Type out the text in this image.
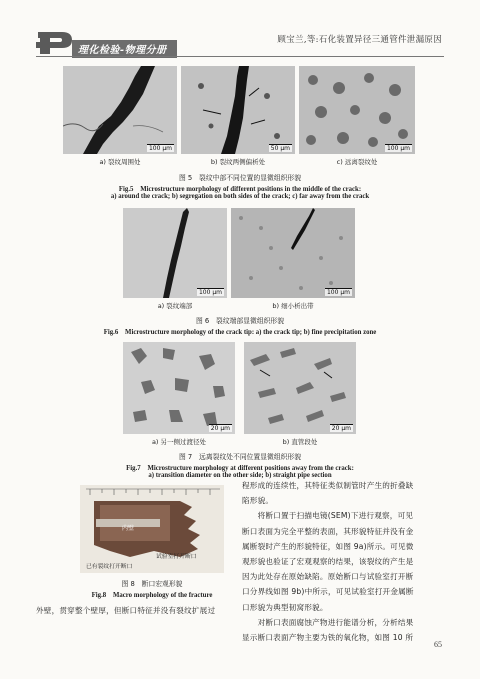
理化检验-物理分册
顾宝兰,等:石化装置异径三通管件泄漏原因
100 μm	50 μm	100 μm
a) 裂纹周围处	b) 裂纹两侧偏析处	c) 远离裂纹处
图 5　裂纹中部不同位置的显微组织形貌
Fig.5　Microstructure morphology of different positions in the middle of the crack:
a) around the crack; b) segregation on both sides of the crack; c) far away from the crack
100 μm	100 μm
a) 裂纹端部	b) 细小析出带
图 6　裂纹端部显微组织形貌
Fig.6　Microstructure morphology of the crack tip: a) the crack tip; b) fine precipitation zone
20 μm	20 μm
a) 另一侧过渡径处	b) 直管段处
图 7　远离裂纹处不同位置显微组织形貌
Fig.7　Microstructure morphology at different positions away from the crack:
a) transition diameter on the other side; b) straight pipe section
内壁
已有裂纹打开断口
试验室打开断口
图 8　断口宏观形貌
Fig.8　Macro morphology of the fracture
外壁，贯穿整个壁厚，但断口特征并没有裂纹扩展过
程形成的连续性，其特征类似制管时产生的折叠缺
陷形貌。
　　将断口置于扫描电镜(SEM)下进行观察，可见
断口表面为完全平整的表面，其形貌特征并没有金
属断裂时产生的形貌特征，如图 9a)所示。可见微
观形貌也验证了宏观观察的结果，该裂纹的产生是
因为此处存在原始缺陷。原始断口与试验室打开断
口分界线如图 9b)中所示，可见试验室打开金属断
口形貌为典型韧窝形貌。
　　对断口表面腐蚀产物进行能谱分析，分析结果
显示断口表面产物主要为铁的氧化物，如图 10 所
65
